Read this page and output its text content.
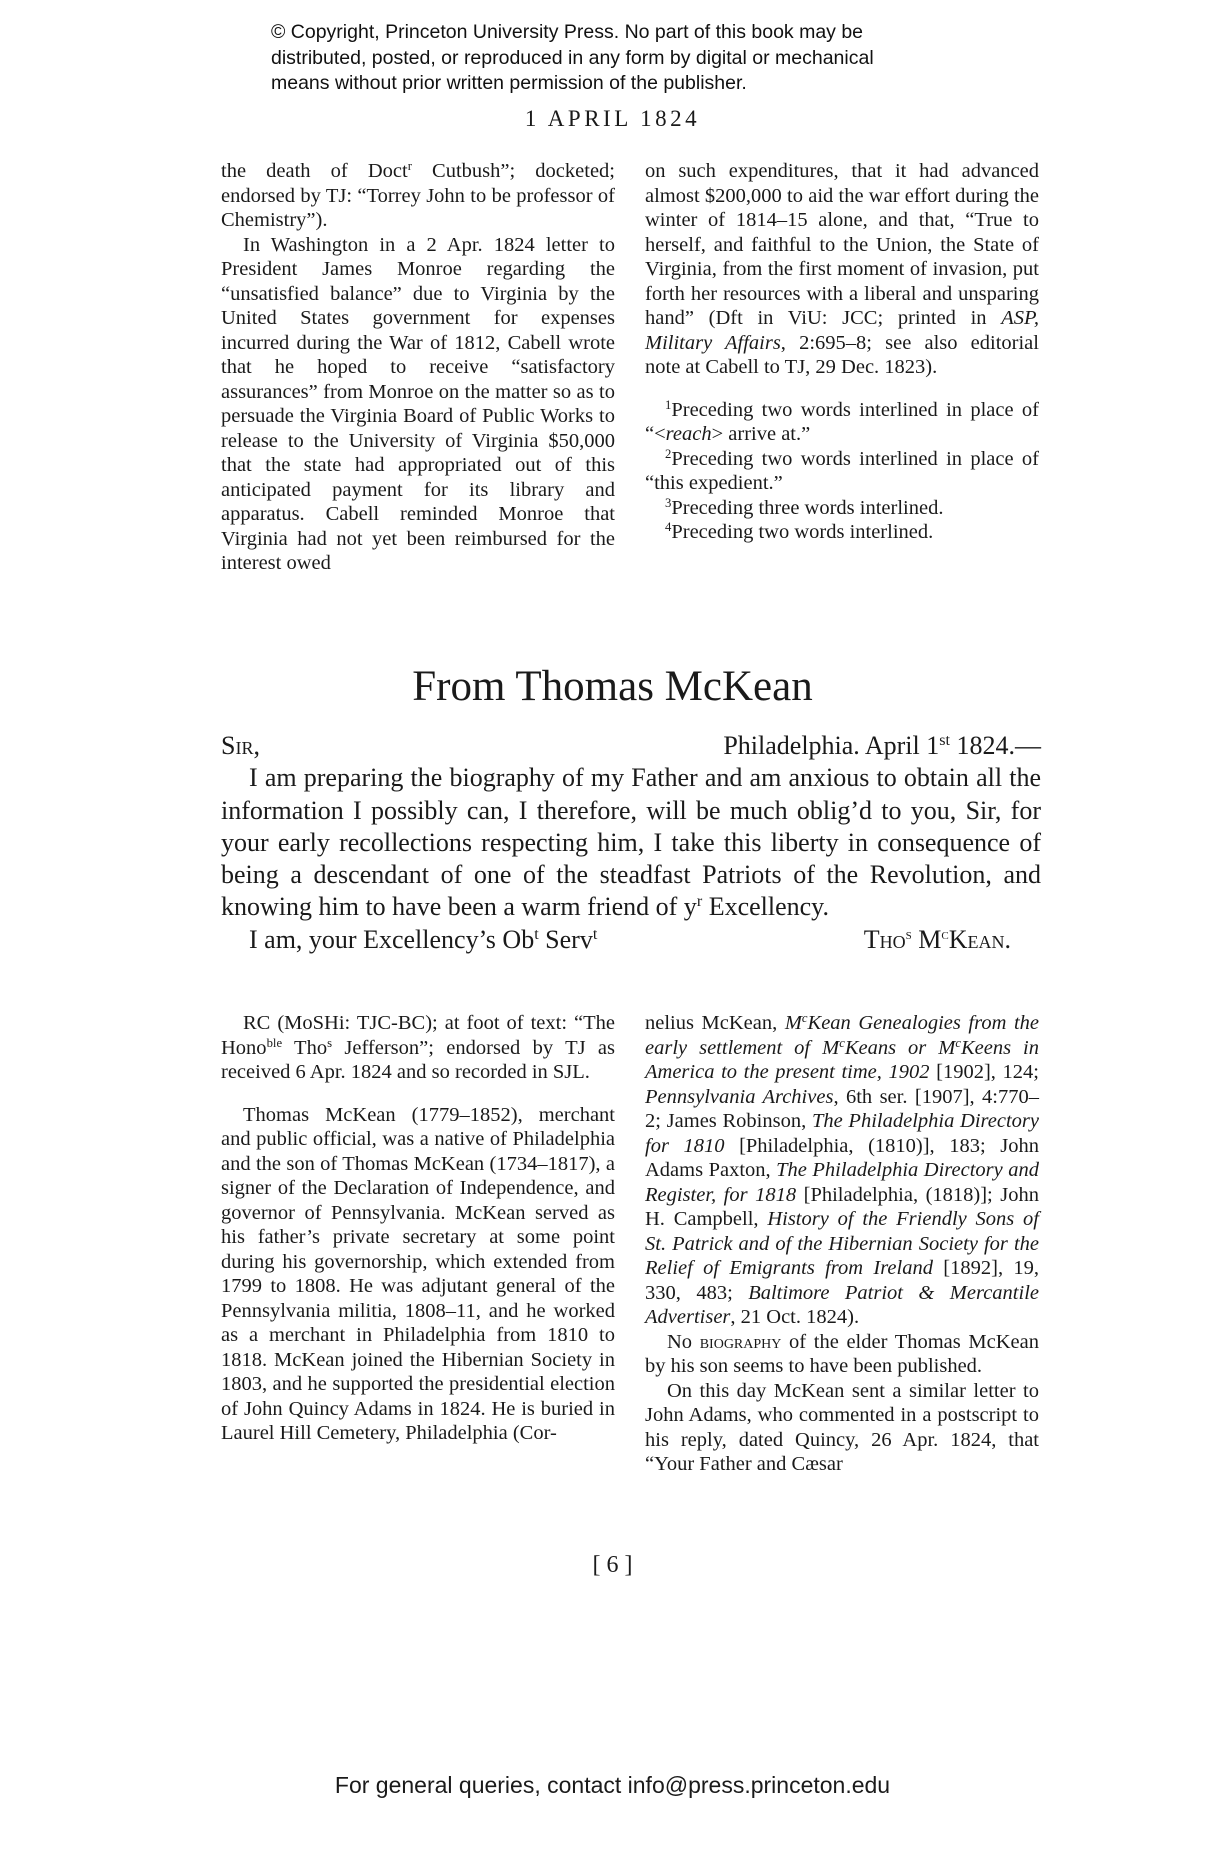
© Copyright, Princeton University Press. No part of this book may be
distributed, posted, or reproduced in any form by digital or mechanical
means without prior written permission of the publisher.
1 APRIL 1824

the death of Doct$^r$ Cutbush”; docketed; endorsed by TJ: “Torrey John to be professor of Chemistry”).

In Washington in a 2 Apr. 1824 letter to President James Monroe regarding the “unsatisfied balance” due to Virginia by the United States government for expenses incurred during the War of 1812, Cabell wrote that he hoped to receive “satisfactory assurances” from Monroe on the matter so as to persuade the Virginia Board of Public Works to release to the University of Virginia $50,000 that the state had appropriated out of this anticipated payment for its library and apparatus. Cabell reminded Monroe that Virginia had not yet been reimbursed for the interest owed

on such expenditures, that it had advanced almost $200,000 to aid the war effort during the winter of 1814–15 alone, and that, “True to herself, and faithful to the Union, the State of Virginia, from the first moment of invasion, put forth her resources with a liberal and unsparing hand” (Dft in ViU: JCC; printed in ASP, Military Affairs, 2:695–8; see also editorial note at Cabell to TJ, 29 Dec. 1823).

$^1$Preceding two words interlined in place of “<reach> arrive at.”

$^2$Preceding two words interlined in place of “this expedient.”

$^3$Preceding three words interlined.

$^4$Preceding two words interlined.

From Thomas McKean
Sir,	Philadelphia. April 1st 1824.—

I am preparing the biography of my Father and am anxious to obtain all the information I possibly can, I therefore, will be much oblig’d to you, Sir, for your early recollections respecting him, I take this liberty in consequence of being a descendant of one of the steadfast Patriots of the Revolution, and knowing him to have been a warm friend of $y^r$ Excellency.

I am, your Excellency’s Ob$^t$ Serv$^t$	Tho$^s$ $M^cKean$.

RC (MoSHi: TJC-BC); at foot of text: “The Hono$^{ble}$ Tho$^s$ Jefferson”; endorsed by TJ as received 6 Apr. 1824 and so recorded in SJL.

Thomas McKean (1779–1852), merchant and public official, was a native of Philadelphia and the son of Thomas McKean (1734–1817), a signer of the Declaration of Independence, and governor of Pennsylvania. McKean served as his father’s private secretary at some point during his governorship, which extended from 1799 to 1808. He was adjutant general of the Pennsylvania militia, 1808–11, and he worked as a merchant in Philadelphia from 1810 to 1818. McKean joined the Hibernian Society in 1803, and he supported the presidential election of John Quincy Adams in 1824. He is buried in Laurel Hill Cemetery, Philadelphia (Cor-

nelius McKean, $M^cKean$ Genealogies from the early settlement of $M^cKeans$ or $M^cKeens$ in America to the present time, 1902 [1902], 124; Pennsylvania Archives, 6th ser. [1907], 4:770–2; James Robinson, The Philadelphia Directory for 1810 [Philadelphia, (1810)], 183; John Adams Paxton, The Philadelphia Directory and Register, for 1818 [Philadelphia, (1818)]; John H. Campbell, History of the Friendly Sons of St. Patrick and of the Hibernian Society for the Relief of Emigrants from Ireland [1892], 19, 330, 483; Baltimore Patriot & Mercantile Advertiser, 21 Oct. 1824).

No biography of the elder Thomas McKean by his son seems to have been published.

On this day McKean sent a similar letter to John Adams, who commented in a postscript to his reply, dated Quincy, 26 Apr. 1824, that “Your Father and Cæsar

[ 6 ]
For general queries, contact info@press.princeton.edu
